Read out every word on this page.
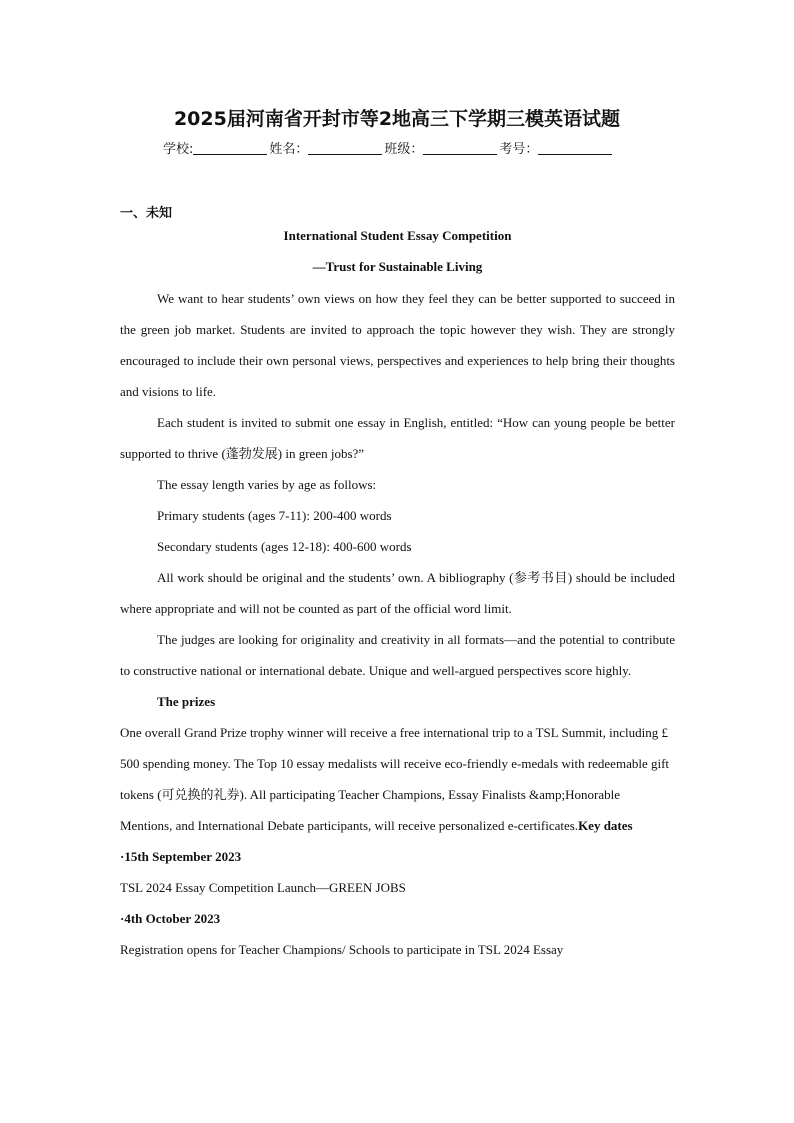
2025届河南省开封市等2地高三下学期三模英语试题
学校:	姓名：	班级：	考号：
一、未知
International Student Essay Competition
—Trust for Sustainable Living

We want to hear students’ own views on how they feel they can be better supported to succeed in the green job market. Students are invited to approach the topic however they wish. They are strongly encouraged to include their own personal views, perspectives and experiences to help bring their thoughts and visions to life.

Each student is invited to submit one essay in English, entitled: “How can young people be better supported to thrive (蓬勃发展) in green jobs?”

The essay length varies by age as follows:

Primary students (ages 7-11): 200-400 words

Secondary students (ages 12-18): 400-600 words

All work should be original and the students’ own. A bibliography (参考书目) should be included where appropriate and will not be counted as part of the official word limit.

The judges are looking for originality and creativity in all formats—and the potential to contribute to constructive national or international debate. Unique and well-argued perspectives score highly.

The prizes

One overall Grand Prize trophy winner will receive a free international trip to a TSL Summit, including £ 500 spending money. The Top 10 essay medalists will receive eco-friendly e-medals with redeemable gift tokens (可兑换的礼券). All participating Teacher Champions, Essay Finalists &amp;Honorable Mentions, and International Debate participants, will receive personalized e-certificates.Key dates

·15th September 2023

TSL 2024 Essay Competition Launch—GREEN JOBS

·4th October 2023

Registration opens for Teacher Champions/ Schools to participate in TSL 2024 Essay
